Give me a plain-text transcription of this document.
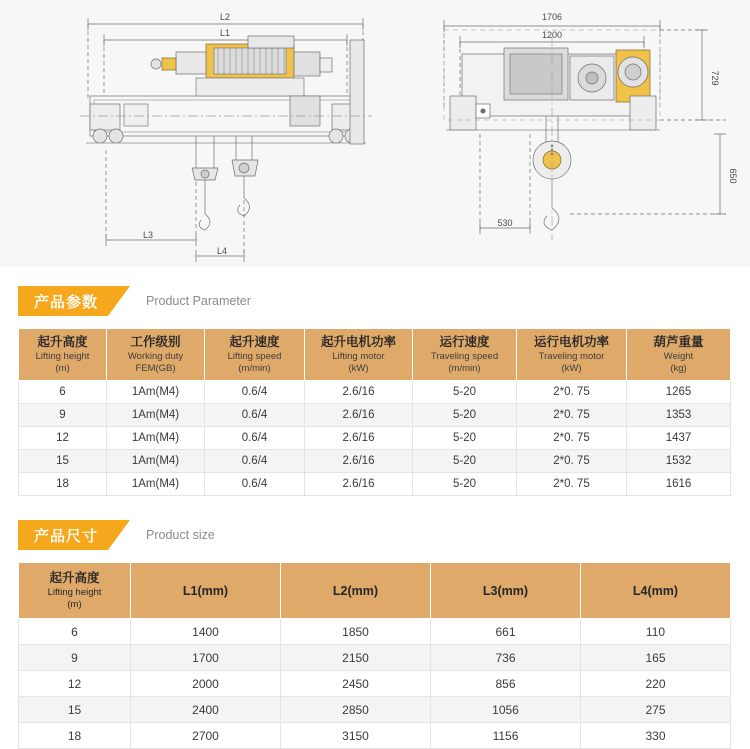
L2
L1
L3
L4
1706
1200
729
650
530
产品参数	Product Parameter
起升高度
Lifting height
(m)	工作级别
Working duty
FEM(GB)	起升速度
Lifting speed
(m/min)	起升电机功率
Lifting motor
(kW)	运行速度
Traveling speed
(m/min)	运行电机功率
Traveling motor
(kW)	葫芦重量
Weight
(kg)

6	1Am(M4)	0.6/4	2.6/16	5-20	2*0. 75	1265
9	1Am(M4)	0.6/4	2.6/16	5-20	2*0. 75	1353
12	1Am(M4)	0.6/4	2.6/16	5-20	2*0. 75	1437
15	1Am(M4)	0.6/4	2.6/16	5-20	2*0. 75	1532
18	1Am(M4)	0.6/4	2.6/16	5-20	2*0. 75	1616
产品尺寸	Product size
起升高度
Lifting height
(m)	L1(mm)	L2(mm)	L3(mm)	L4(mm)

6	1400	1850	661	110
9	1700	2150	736	165
12	2000	2450	856	220
15	2400	2850	1056	275
18	2700	3150	1156	330
